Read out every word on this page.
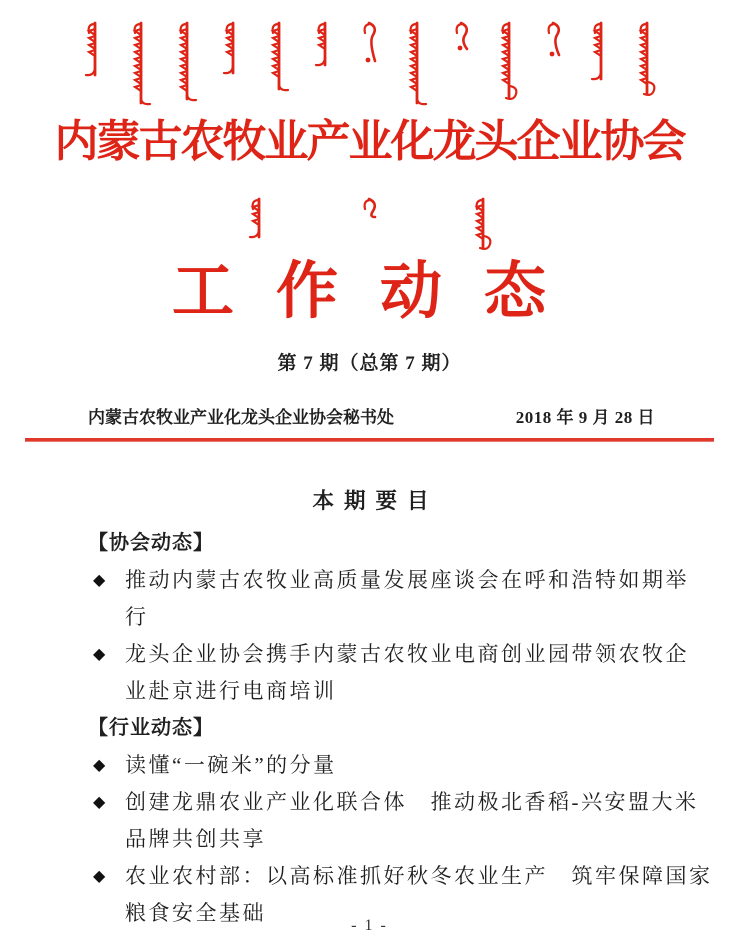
内蒙古农牧业产业化龙头企业协会
工作动态
第 7 期（总第 7 期）
内蒙古农牧业产业化龙头企业协会秘书处	2018 年 9 月 28 日
本 期 要 目
【协会动态】
◆ 推动内蒙古农牧业高质量发展座谈会在呼和浩特如期举
行
◆ 龙头企业协会携手内蒙古农牧业电商创业园带领农牧企
业赴京进行电商培训
【行业动态】
◆ 读懂“一碗米”的分量
◆ 创建龙鼎农业产业化联合体　推动极北香稻-兴安盟大米
品牌共创共享
◆ 农业农村部：以高标准抓好秋冬农业生产　筑牢保障国家
粮食安全基础
- 1 -
